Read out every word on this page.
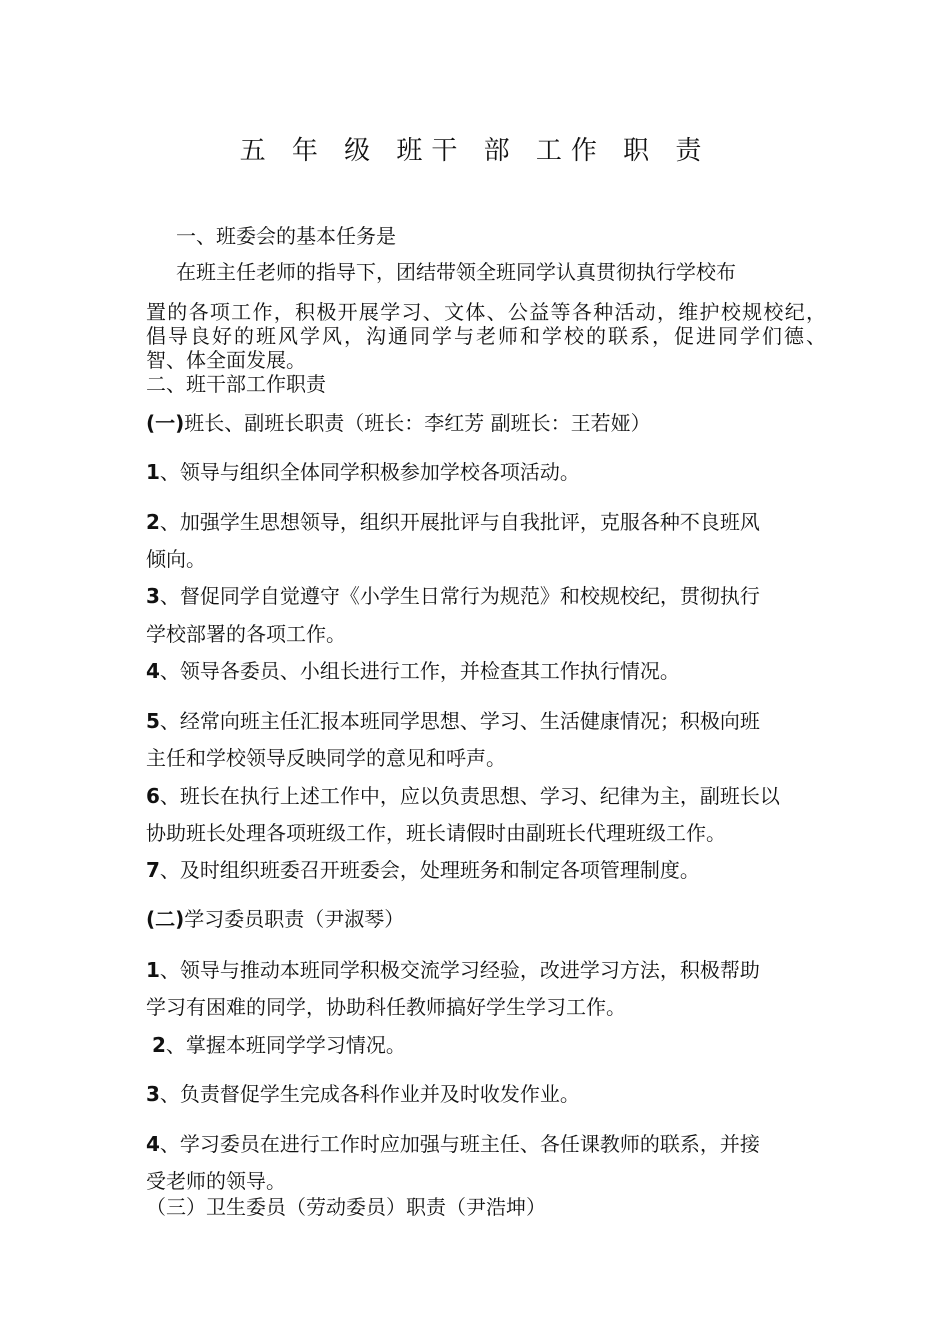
五 年 级 班干 部 工作 职 责
一、班委会的基本任务是
在班主任老师的指导下，团结带领全班同学认真贯彻执行学校布
置的各项工作，积极开展学习、文体、公益等各种活动，维护校规校纪，
倡导良好的班风学风，沟通同学与老师和学校的联系，促进同学们德、
智、体全面发展。
二、班干部工作职责
(一)班长、副班长职责（班长：李红芳 副班长：王若娅）
1、领导与组织全体同学积极参加学校各项活动。
2、加强学生思想领导，组织开展批评与自我批评，克服各种不良班风
倾向。
3、督促同学自觉遵守《小学生日常行为规范》和校规校纪，贯彻执行
学校部署的各项工作。
4、领导各委员、小组长进行工作，并检查其工作执行情况。
5、经常向班主任汇报本班同学思想、学习、生活健康情况；积极向班
主任和学校领导反映同学的意见和呼声。
6、班长在执行上述工作中，应以负责思想、学习、纪律为主，副班长以
协助班长处理各项班级工作，班长请假时由副班长代理班级工作。
7、及时组织班委召开班委会，处理班务和制定各项管理制度。
(二)学习委员职责（尹淑琴）
1、领导与推动本班同学积极交流学习经验，改进学习方法，积极帮助
学习有困难的同学，协助科任教师搞好学生学习工作。
2、掌握本班同学学习情况。
3、负责督促学生完成各科作业并及时收发作业。
4、学习委员在进行工作时应加强与班主任、各任课教师的联系，并接
受老师的领导。
（三）卫生委员（劳动委员）职责（尹浩坤）
